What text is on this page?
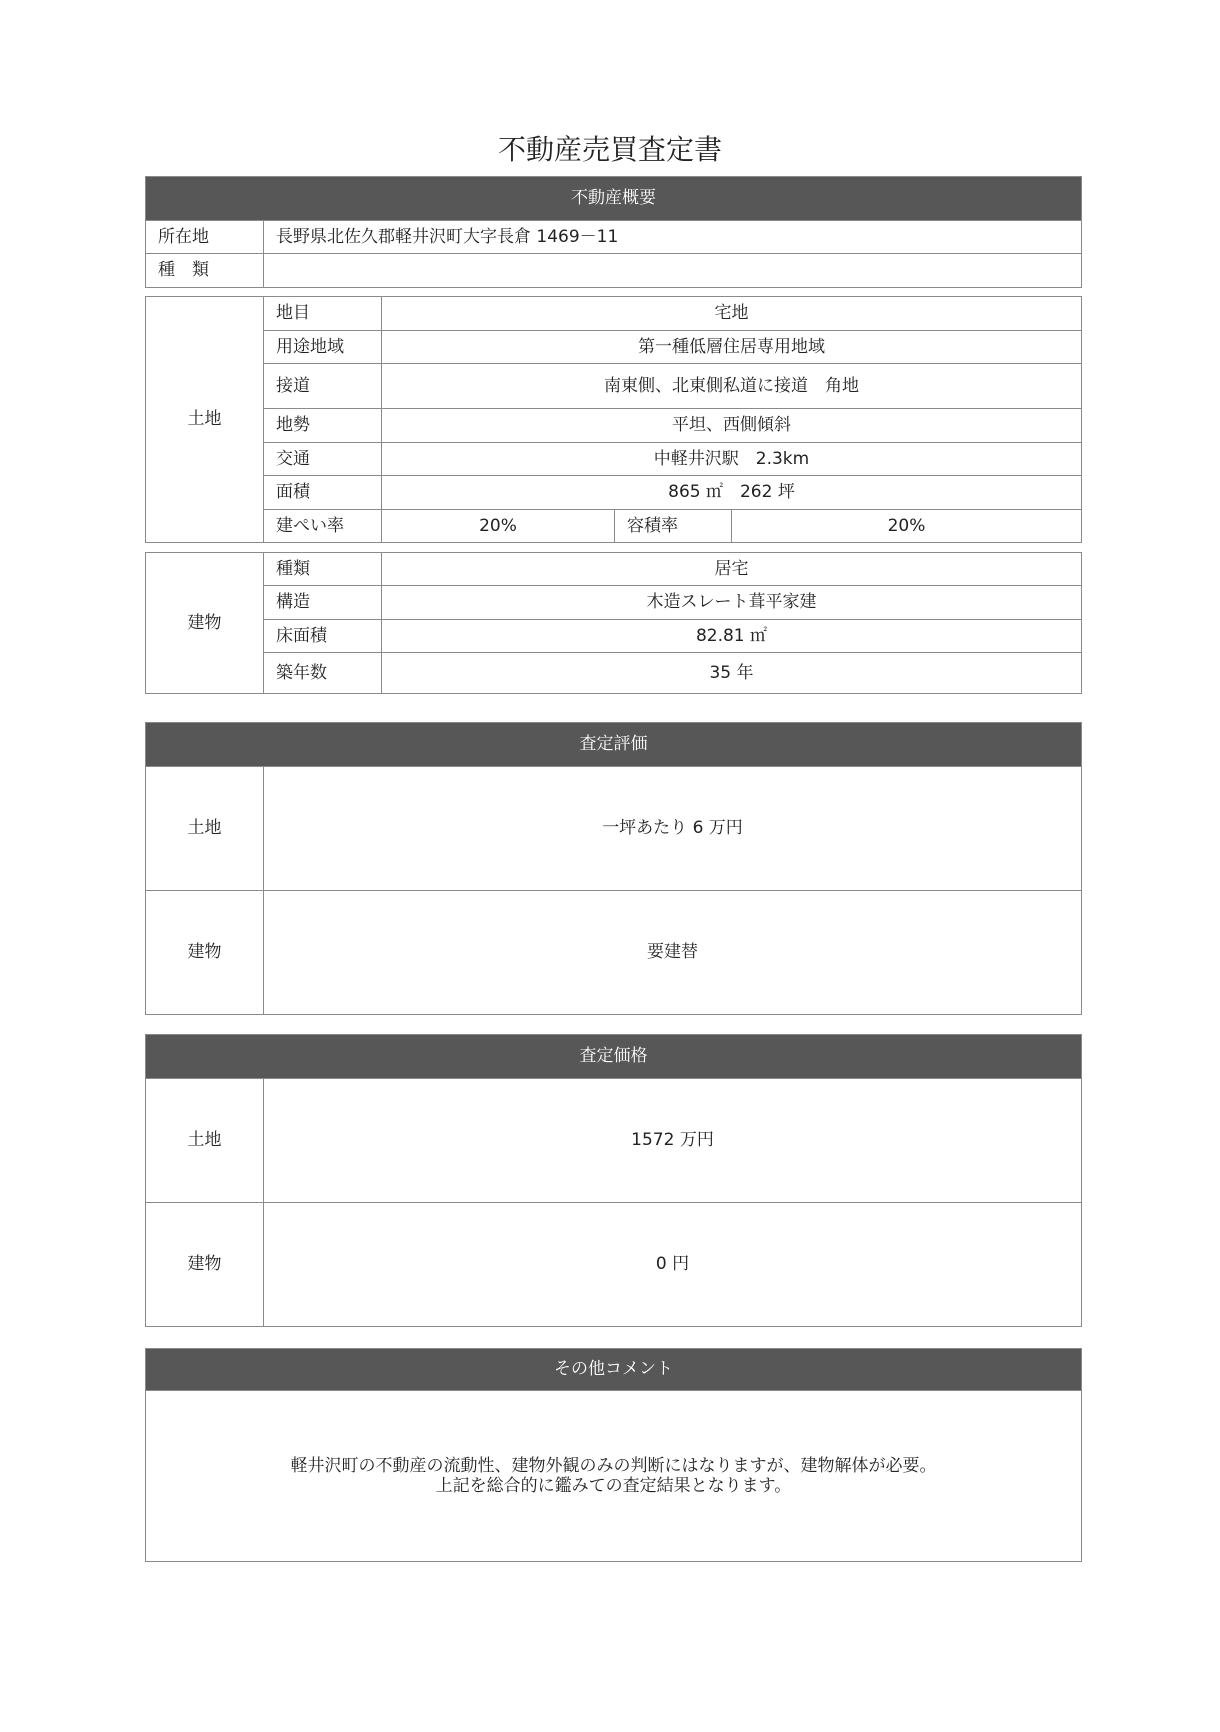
不動産売買査定書
不動産概要	
所在地	長野県北佐久郡軽井沢町大字長倉 1469－11
種　類	
土地	地目	宅地		
	用途地域	第一種低層住居専用地域		
	接道	南東側、北東側私道に接道　角地		
	地勢	平坦、西側傾斜		
	交通	中軽井沢駅　2.3km		
	面積	865 ㎡　262 坪		
	建ぺい率	20%	容積率	20%
建物	種類	居宅
	構造	木造スレート葺平家建
	床面積	82.81 ㎡
	築年数	35 年
査定評価	
土地	一坪あたり 6 万円
建物	要建替
査定価格	
土地	1572 万円
建物	0 円
その他コメント

軽井沢町の不動産の流動性、建物外観のみの判断にはなりますが、建物解体が必要。
上記を総合的に鑑みての査定結果となります。
